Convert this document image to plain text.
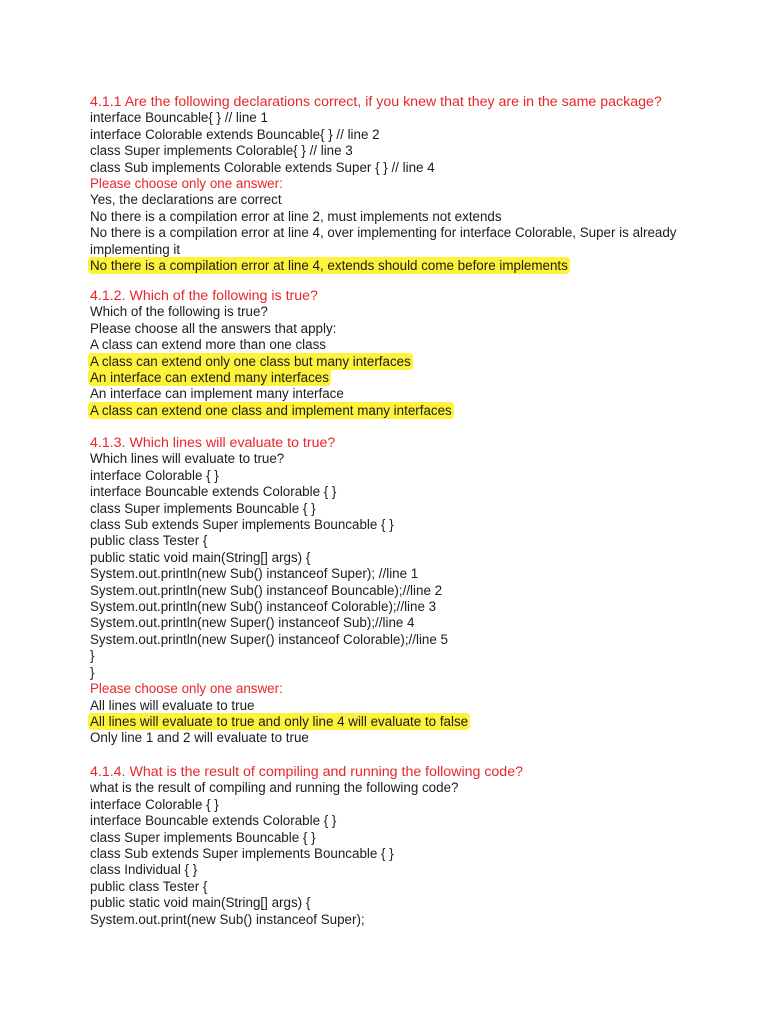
4.1.1 Are the following declarations correct, if you knew that they are in the same package?
interface Bouncable{ } // line 1
interface Colorable extends Bouncable{ } // line 2
class Super implements Colorable{ } // line 3
class Sub implements Colorable extends Super { } // line 4
Please choose only one answer:
Yes, the declarations are correct
No there is a compilation error at line 2, must implements not extends
No there is a compilation error at line 4, over implementing for interface Colorable, Super is already implementing it
No there is a compilation error at line 4, extends should come before implements
4.1.2. Which of the following is true?
Which of the following is true?
Please choose all the answers that apply:
A class can extend more than one class
A class can extend only one class but many interfaces
An interface can extend many interfaces
An interface can implement many interface
A class can extend one class and implement many interfaces
4.1.3. Which lines will evaluate to true?
Which lines will evaluate to true?
interface Colorable { }
interface Bouncable extends Colorable { }
class Super implements Bouncable { }
class Sub extends Super implements Bouncable { }
public class Tester {
public static void main(String[] args) {
System.out.println(new Sub() instanceof Super); //line 1
System.out.println(new Sub() instanceof Bouncable);//line 2
System.out.println(new Sub() instanceof Colorable);//line 3
System.out.println(new Super() instanceof Sub);//line 4
System.out.println(new Super() instanceof Colorable);//line 5
}
}
Please choose only one answer:
All lines will evaluate to true
All lines will evaluate to true and only line 4 will evaluate to false
Only line 1 and 2 will evaluate to true
4.1.4. What is the result of compiling and running the following code?
what is the result of compiling and running the following code?
interface Colorable { }
interface Bouncable extends Colorable { }
class Super implements Bouncable { }
class Sub extends Super implements Bouncable { }
class Individual { }
public class Tester {
public static void main(String[] args) {
System.out.print(new Sub() instanceof Super);
